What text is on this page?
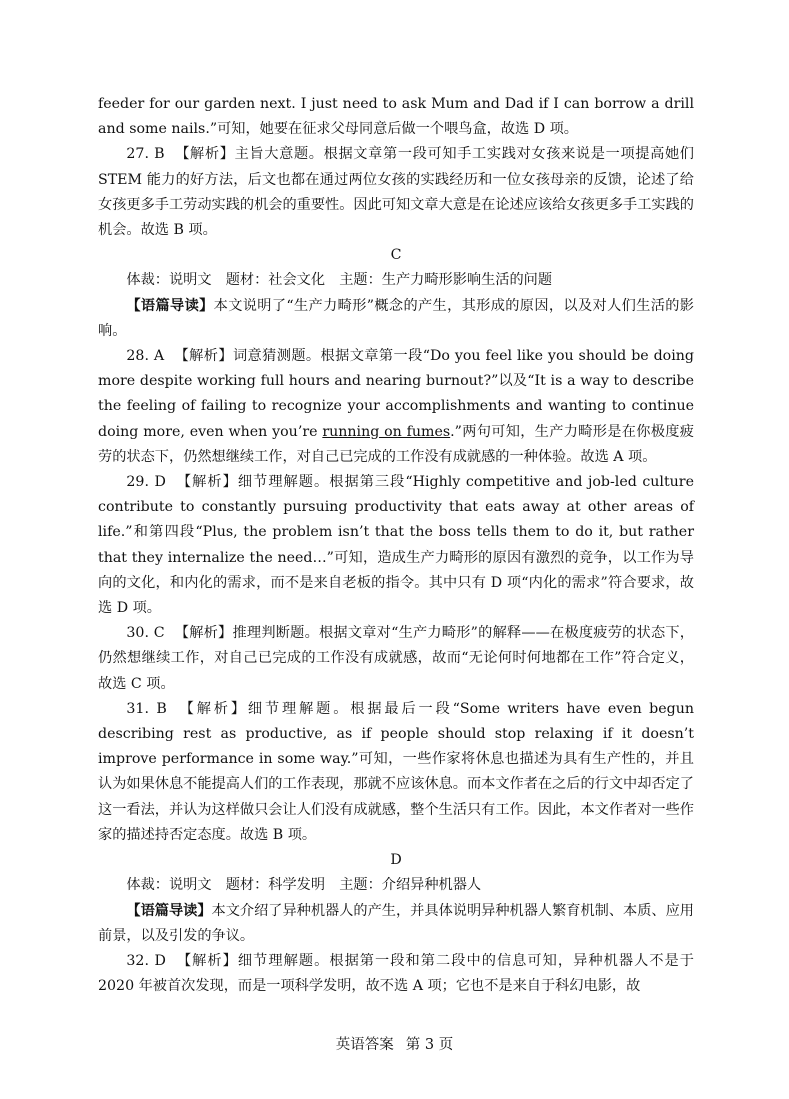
feeder for our garden next. I just need to ask Mum and Dad if I can borrow a drill and some nails.”可知，她要在征求父母同意后做一个喂鸟盒，故选 D 项。

27. B 【解析】主旨大意题。根据文章第一段可知手工实践对女孩来说是一项提高她们 STEM 能力的好方法，后文也都在通过两位女孩的实践经历和一位女孩母亲的反馈，论述了给女孩更多手工劳动实践的机会的重要性。因此可知文章大意是在论述应该给女孩更多手工实践的机会。故选 B 项。

C

体裁：说明文　题材：社会文化　主题：生产力畸形影响生活的问题

【语篇导读】本文说明了“生产力畸形”概念的产生，其形成的原因，以及对人们生活的影响。

28. A 【解析】词意猜测题。根据文章第一段“Do you feel like you should be doing more despite working full hours and nearing burnout?”以及“It is a way to describe the feeling of failing to recognize your accomplishments and wanting to continue doing more, even when you’re running on fumes.”两句可知，生产力畸形是在你极度疲劳的状态下，仍然想继续工作，对自己已完成的工作没有成就感的一种体验。故选 A 项。

29. D 【解析】细节理解题。根据第三段“Highly competitive and job-led culture contribute to constantly pursuing productivity that eats away at other areas of life.”和第四段“Plus, the problem isn’t that the boss tells them to do it, but rather that they internalize the need…”可知，造成生产力畸形的原因有激烈的竞争，以工作为导向的文化，和内化的需求，而不是来自老板的指令。其中只有 D 项“内化的需求”符合要求，故选 D 项。

30. C 【解析】推理判断题。根据文章对“生产力畸形”的解释——在极度疲劳的状态下，仍然想继续工作，对自己已完成的工作没有成就感，故而“无论何时何地都在工作”符合定义，故选 C 项。

31. B 【解析】细节理解题。根据最后一段“Some writers have even begun describing rest as productive, as if people should stop relaxing if it doesn’t improve performance in some way.”可知，一些作家将休息也描述为具有生产性的，并且认为如果休息不能提高人们的工作表现，那就不应该休息。而本文作者在之后的行文中却否定了这一看法，并认为这样做只会让人们没有成就感，整个生活只有工作。因此，本文作者对一些作家的描述持否定态度。故选 B 项。

D

体裁：说明文　题材：科学发明　主题：介绍异种机器人

【语篇导读】本文介绍了异种机器人的产生，并具体说明异种机器人繁育机制、本质、应用前景，以及引发的争议。

32. D 【解析】细节理解题。根据第一段和第二段中的信息可知，异种机器人不是于 2020 年被首次发现，而是一项科学发明，故不选 A 项；它也不是来自于科幻电影，故

英语答案 第 3 页
